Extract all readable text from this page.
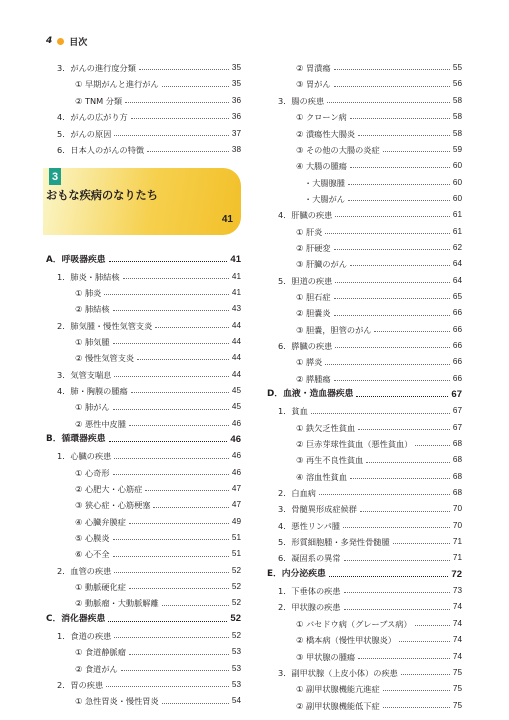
4 目次
3．がんの進行度分類	35
① 早期がんと進行がん	35
② TNM 分類	36
4．がんの広がり方	36
5．がんの原因	37
6．日本人のがんの特徴	38
3
おもな疾病のなりたち
41
A．呼吸器疾患	41
1．肺炎・肺結核	41
① 肺炎	41
② 肺結核	43
2．肺気腫・慢性気管支炎	44
① 肺気腫	44
② 慢性気管支炎	44
3．気管支喘息	44
4．肺・胸膜の腫瘍	45
① 肺がん	45
② 悪性中皮腫	46
B．循環器疾患	46
1．心臓の疾患	46
① 心奇形	46
② 心肥大・心筋症	47
③ 狭心症・心筋梗塞	47
④ 心臓弁膜症	49
⑤ 心膜炎	51
⑥ 心不全	51
2．血管の疾患	52
① 動脈硬化症	52
② 動脈瘤・大動脈解離	52
C．消化器疾患	52
1．食道の疾患	52
① 食道静脈瘤	53
② 食道がん	53
2．胃の疾患	53
① 急性胃炎・慢性胃炎	54
② 胃潰瘍	55
③ 胃がん	56
3．腸の疾患	58
① クローン病	58
② 潰瘍性大腸炎	58
③ その他の大腸の炎症	59
④ 大腸の腫瘍	60
・大腸腺腫	60
・大腸がん	60
4．肝臓の疾患	61
① 肝炎	61
② 肝硬変	62
③ 肝臓のがん	64
5．胆道の疾患	64
① 胆石症	65
② 胆嚢炎	66
③ 胆嚢，胆管のがん	66
6．膵臓の疾患	66
① 膵炎	66
② 膵腫瘍	66
D．血液・造血器疾患	67
1．貧血	67
① 鉄欠乏性貧血	67
② 巨赤芽球性貧血（悪性貧血）	68
③ 再生不良性貧血	68
④ 溶血性貧血	68
2．白血病	68
3．骨髄異形成症候群	70
4．悪性リンパ腫	70
5．形質細胞腫・多発性骨髄腫	71
6．凝固系の異常	71
E．内分泌疾患	72
1．下垂体の疾患	73
2．甲状腺の疾患	74
① バセドウ病（グレーブス病）	74
② 橋本病（慢性甲状腺炎）	74
③ 甲状腺の腫瘍	74
3．副甲状腺（上皮小体）の疾患	75
① 副甲状腺機能亢進症	75
② 副甲状腺機能低下症	75
